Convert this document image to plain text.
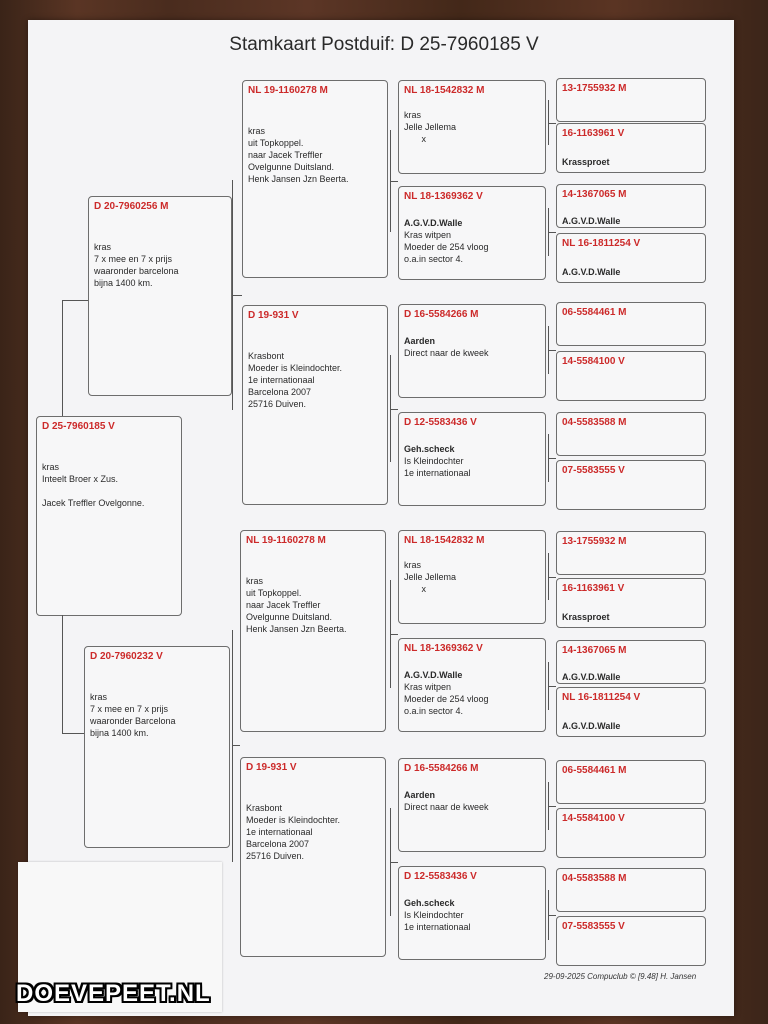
Stamkaart Postduif: D 25-7960185 V
D 25-7960185 V
kras
Inteelt Broer x Zus.
Jacek Treffler Ovelgonne.
D 20-7960256 M
kras
7 x mee en 7 x prijs
waaronder barcelona
bijna 1400 km.
D 20-7960232 V
kras
7 x mee en 7 x prijs
waaronder Barcelona
bijna 1400 km.
NL 19-1160278 M
kras
uit Topkoppel.
naar Jacek Treffler
Ovelgunne Duitsland.
Henk Jansen Jzn Beerta.
D 19-931 V
Krasbont
Moeder is Kleindochter.
1e internationaal
Barcelona 2007
25716 Duiven.
NL 19-1160278 M
kras
uit Topkoppel.
naar Jacek Treffler
Ovelgunne Duitsland.
Henk Jansen Jzn Beerta.
D 19-931 V
Krasbont
Moeder is Kleindochter.
1e internationaal
Barcelona 2007
25716 Duiven.
NL 18-1542832 M
kras
Jelle Jellema
x
NL 18-1369362 V
A.G.V.D.Walle
Kras witpen
Moeder de 254 vloog
o.a.in sector 4.
D 16-5584266 M
Aarden
Direct naar de kweek
D 12-5583436 V
Geh.scheck
Is Kleindochter
1e internationaal
NL 18-1542832 M
kras
Jelle Jellema
x
NL 18-1369362 V
A.G.V.D.Walle
Kras witpen
Moeder de 254 vloog
o.a.in sector 4.
D 16-5584266 M
Aarden
Direct naar de kweek
D 12-5583436 V
Geh.scheck
Is Kleindochter
1e internationaal
13-1755932 M
16-1163961 V
Krassproet
14-1367065 M
A.G.V.D.Walle
NL 16-1811254 V
A.G.V.D.Walle
06-5584461 M
14-5584100 V
04-5583588 M
07-5583555 V
13-1755932 M
16-1163961 V
Krassproet
14-1367065 M
A.G.V.D.Walle
NL 16-1811254 V
A.G.V.D.Walle
06-5584461 M
14-5584100 V
04-5583588 M
07-5583555 V
29-09-2025 Compuclub © [9.48] H. Jansen
DOEVEPEET.NL
